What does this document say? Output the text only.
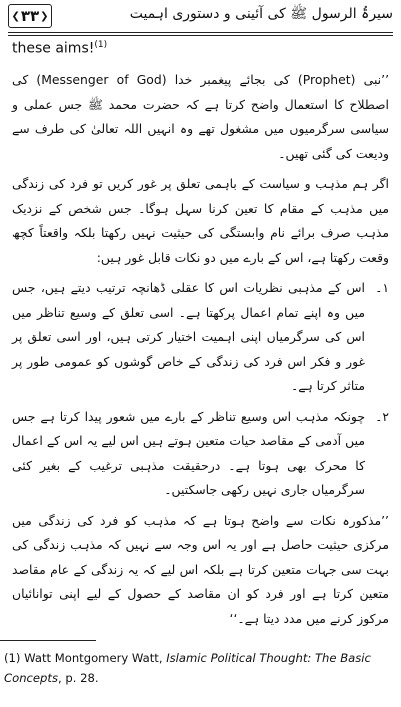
❮ ۳۳ ❯	سیرۃُ الرسول ﷺ کی آئینی و دستوری اہمیت
these aims!$^{(1)}$

’’نبی (Prophet) کی بجائے پیغمبر خدا (Messenger of God) کی اصطلاح کا استعمال واضح کرتا ہے کہ حضرت محمد ﷺ جس عملی و سیاسی سرگرمیوں میں مشغول تھے وہ انہیں اللہ تعالیٰ کی طرف سے ودیعت کی گئی تھیں۔

اگر ہم مذہب و سیاست کے باہمی تعلق پر غور کریں تو فرد کی زندگی میں مذہب کے مقام کا تعین کرنا سہل ہوگا۔ جس شخص کے نزدیک مذہب صرف برائے نام وابستگی کی حیثیت نہیں رکھتا بلکہ واقعتاً کچھ وقعت رکھتا ہے، اس کے بارے میں دو نکات قابل غور ہیں:

۱۔
اس کے مذہبی نظریات اس کا عقلی ڈھانچہ ترتیب دیتے ہیں، جس میں وہ اپنے تمام اعمال پرکھتا ہے۔ اسی تعلق کے وسیع تناظر میں اس کی سرگرمیاں اپنی اہمیت اختیار کرتی ہیں، اور اسی تعلق پر غور و فکر اس فرد کی زندگی کے خاص گوشوں کو عمومی طور پر متاثر کرتا ہے۔
۲۔
چونکہ مذہب اس وسیع تناظر کے بارے میں شعور پیدا کرتا ہے جس میں آدمی کے مقاصد حیات متعین ہوتے ہیں اس لیے یہ اس کے اعمال کا محرک بھی ہوتا ہے۔ درحقیقت مذہبی ترغیب کے بغیر کئی سرگرمیاں جاری نہیں رکھی جاسکتیں۔

’’مذکورہ نکات سے واضح ہوتا ہے کہ مذہب کو فرد کی زندگی میں مرکزی حیثیت حاصل ہے اور یہ اس وجہ سے نہیں کہ مذہب زندگی کی بہت سی جہات متعین کرتا ہے بلکہ اس لیے کہ یہ زندگی کے عام مقاصد متعین کرتا ہے اور فرد کو ان مقاصد کے حصول کے لیے اپنی توانائیاں مرکوز کرنے میں مدد دیتا ہے۔‘‘

(1) Watt Montgomery Watt, Islamic Political Thought: The Basic Concepts, p. 28.
